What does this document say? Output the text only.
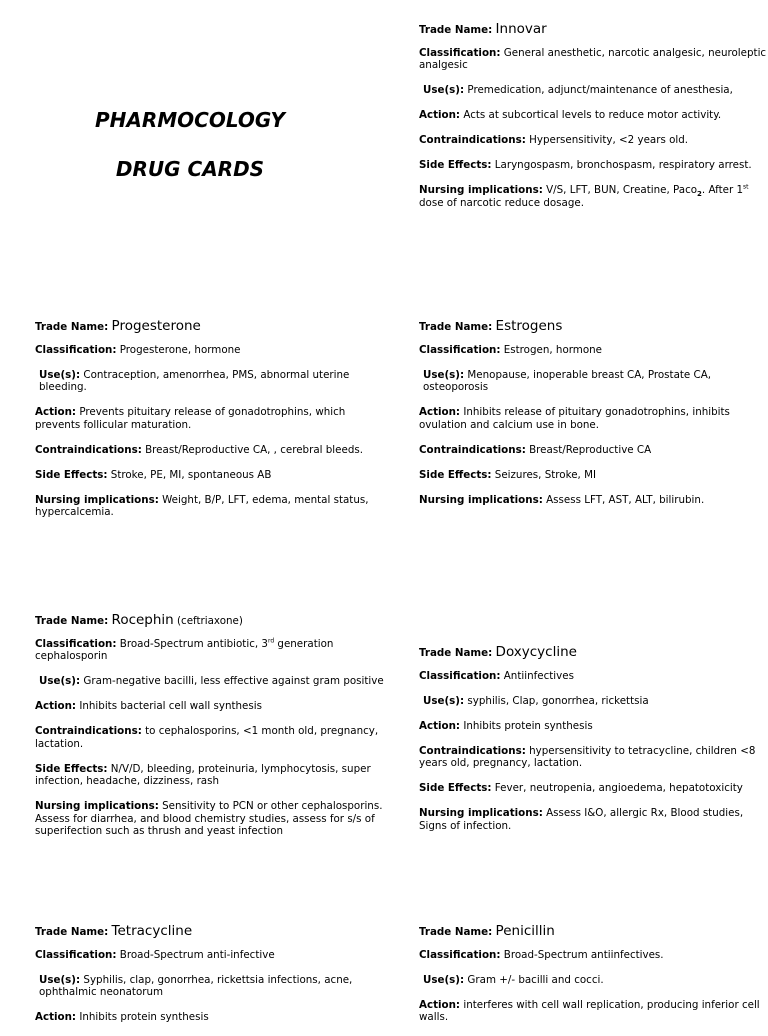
PHARMOCOLOGY
DRUG CARDS

Trade Name: Innovar

Classification: General anesthetic, narcotic analgesic, neuroleptic analgesic

Use(s): Premedication, adjunct/maintenance of anesthesia,

Action: Acts at subcortical levels to reduce motor activity.

Contraindications: Hypersensitivity, <2 years old.

Side Effects: Laryngospasm, bronchospasm, respiratory arrest.

Nursing implications: V/S, LFT, BUN, Creatine, Paco$_2$. After 1st dose of narcotic reduce dosage.

Trade Name: Progesterone

Classification: Progesterone, hormone

Use(s): Contraception, amenorrhea, PMS, abnormal uterine bleeding.

Action: Prevents pituitary release of gonadotrophins, which prevents follicular maturation.

Contraindications: Breast/Reproductive CA, , cerebral bleeds.

Side Effects: Stroke, PE, MI, spontaneous AB

Nursing implications: Weight, B/P, LFT, edema, mental status, hypercalcemia.

Trade Name: Estrogens

Classification: Estrogen, hormone

Use(s): Menopause, inoperable breast CA, Prostate CA, osteoporosis

Action: Inhibits release of pituitary gonadotrophins, inhibits ovulation and calcium use in bone.

Contraindications: Breast/Reproductive CA

Side Effects: Seizures, Stroke, MI

Nursing implications: Assess LFT, AST, ALT, bilirubin.

Trade Name: Rocephin (ceftriaxone)

Classification: Broad-Spectrum antibiotic, 3rd generation cephalosporin

Use(s): Gram-negative bacilli, less effective against gram positive

Action: Inhibits bacterial cell wall synthesis

Contraindications: to cephalosporins, <1 month old, pregnancy, lactation.

Side Effects: N/V/D, bleeding, proteinuria, lymphocytosis, super infection, headache, dizziness, rash

Nursing implications: Sensitivity to PCN or other cephalosporins. Assess for diarrhea, and blood chemistry studies, assess for s/s of superifection such as thrush and yeast infection

Trade Name: Doxycycline

Classification: Antiinfectives

Use(s): syphilis, Clap, gonorrhea, rickettsia

Action: Inhibits protein synthesis

Contraindications: hypersensitivity to tetracycline, children <8 years old, pregnancy, lactation.

Side Effects: Fever, neutropenia, angioedema, hepatotoxicity

Nursing implications: Assess I&O, allergic Rx, Blood studies, Signs of infection.

Trade Name: Tetracycline

Classification: Broad-Spectrum anti-infective

Use(s): Syphilis, clap, gonorrhea, rickettsia infections, acne, ophthalmic neonatorum

Action: Inhibits protein synthesis

Trade Name: Penicillin

Classification: Broad-Spectrum antiinfectives.

Use(s): Gram +/- bacilli and cocci.

Action: interferes with cell wall replication, producing inferior cell walls.
